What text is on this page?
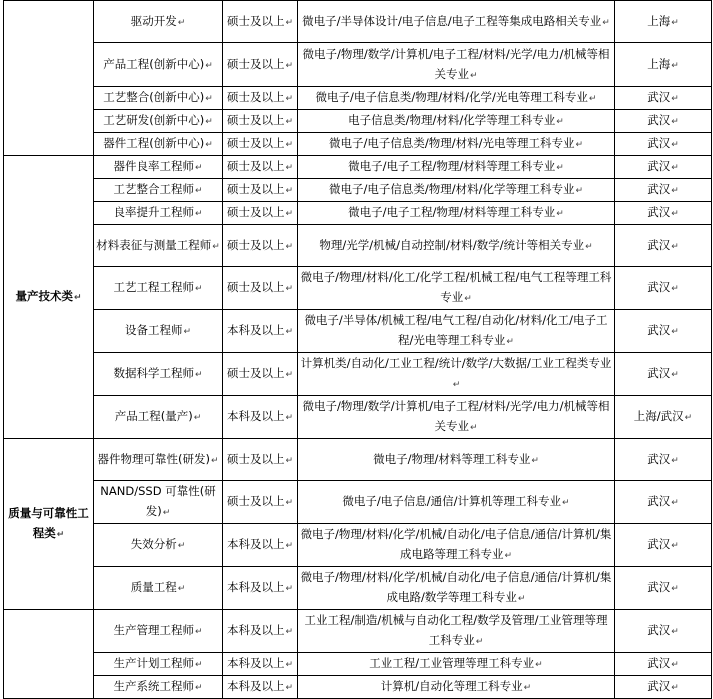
	驱动开发↵	硕士及以上↵	微电子/半导体设计/电子信息/电子工程等集成电路相关专业↵	上海↵
	产品工程(创新中心)↵	硕士及以上↵	微电子/物理/数学/计算机/电子工程/材料/光学/电力/机械等相关专业↵	上海↵
	工艺整合(创新中心)↵	硕士及以上↵	微电子/电子信息类/物理/材料/化学/光电等理工科专业↵	武汉↵
	工艺研发(创新中心)↵	硕士及以上↵	电子信息类/物理/材料/化学等理工科专业↵	武汉↵
	器件工程(创新中心)↵	硕士及以上↵	微电子/电子信息类/物理/材料/光电等理工科专业↵	武汉↵
量产技术类↵	器件良率工程师↵	硕士及以上↵	微电子/电子工程/物理/材料等理工科专业↵	武汉↵
	工艺整合工程师↵	硕士及以上↵	微电子/电子信息类/物理/材料/化学等理工科专业↵	武汉↵
	良率提升工程师↵	硕士及以上↵	微电子/电子工程/物理/材料等理工科专业↵	武汉↵
	材料表征与测量工程师↵	硕士及以上↵	物理/光学/机械/自动控制/材料/数学/统计等相关专业↵	武汉↵
	工艺工程工程师↵	硕士及以上↵	微电子/物理/材料/化工/化学工程/机械工程/电气工程等理工科专业↵	武汉↵
	设备工程师↵	本科及以上↵	微电子/半导体/机械工程/电气工程/自动化/材料/化工/电子工程/光电等理工科专业↵	武汉↵
	数据科学工程师↵	硕士及以上↵	计算机类/自动化/工业工程/统计/数学/大数据/工业工程类专业↵	武汉↵
	产品工程(量产)↵	本科及以上↵	微电子/物理/数学/计算机/电子工程/材料/光学/电力/机械等相关专业↵	上海/武汉↵
质量与可靠性工程类↵	器件物理可靠性(研发)↵	硕士及以上↵	微电子/物理/材料等理工科专业↵	武汉↵
	NAND/SSD 可靠性(研发)↵	硕士及以上↵	微电子/电子信息/通信/计算机等理工科专业↵	武汉↵
	失效分析↵	本科及以上↵	微电子/物理/材料/化学/机械/自动化/电子信息/通信/计算机/集成电路等理工科专业↵	武汉↵
	质量工程↵	本科及以上↵	微电子/物理/材料/化学/机械/自动化/电子信息/通信/计算机/集成电路/数学等理工科专业↵	武汉↵
	生产管理工程师↵	本科及以上↵	工业工程/制造/机械与自动化工程/数学及管理/工业管理等理工科专业↵	武汉↵
	生产计划工程师↵	本科及以上↵	工业工程/工业管理等理工科专业↵	武汉↵
	生产系统工程师↵	本科及以上↵	计算机/自动化等理工科专业↵	武汉↵
